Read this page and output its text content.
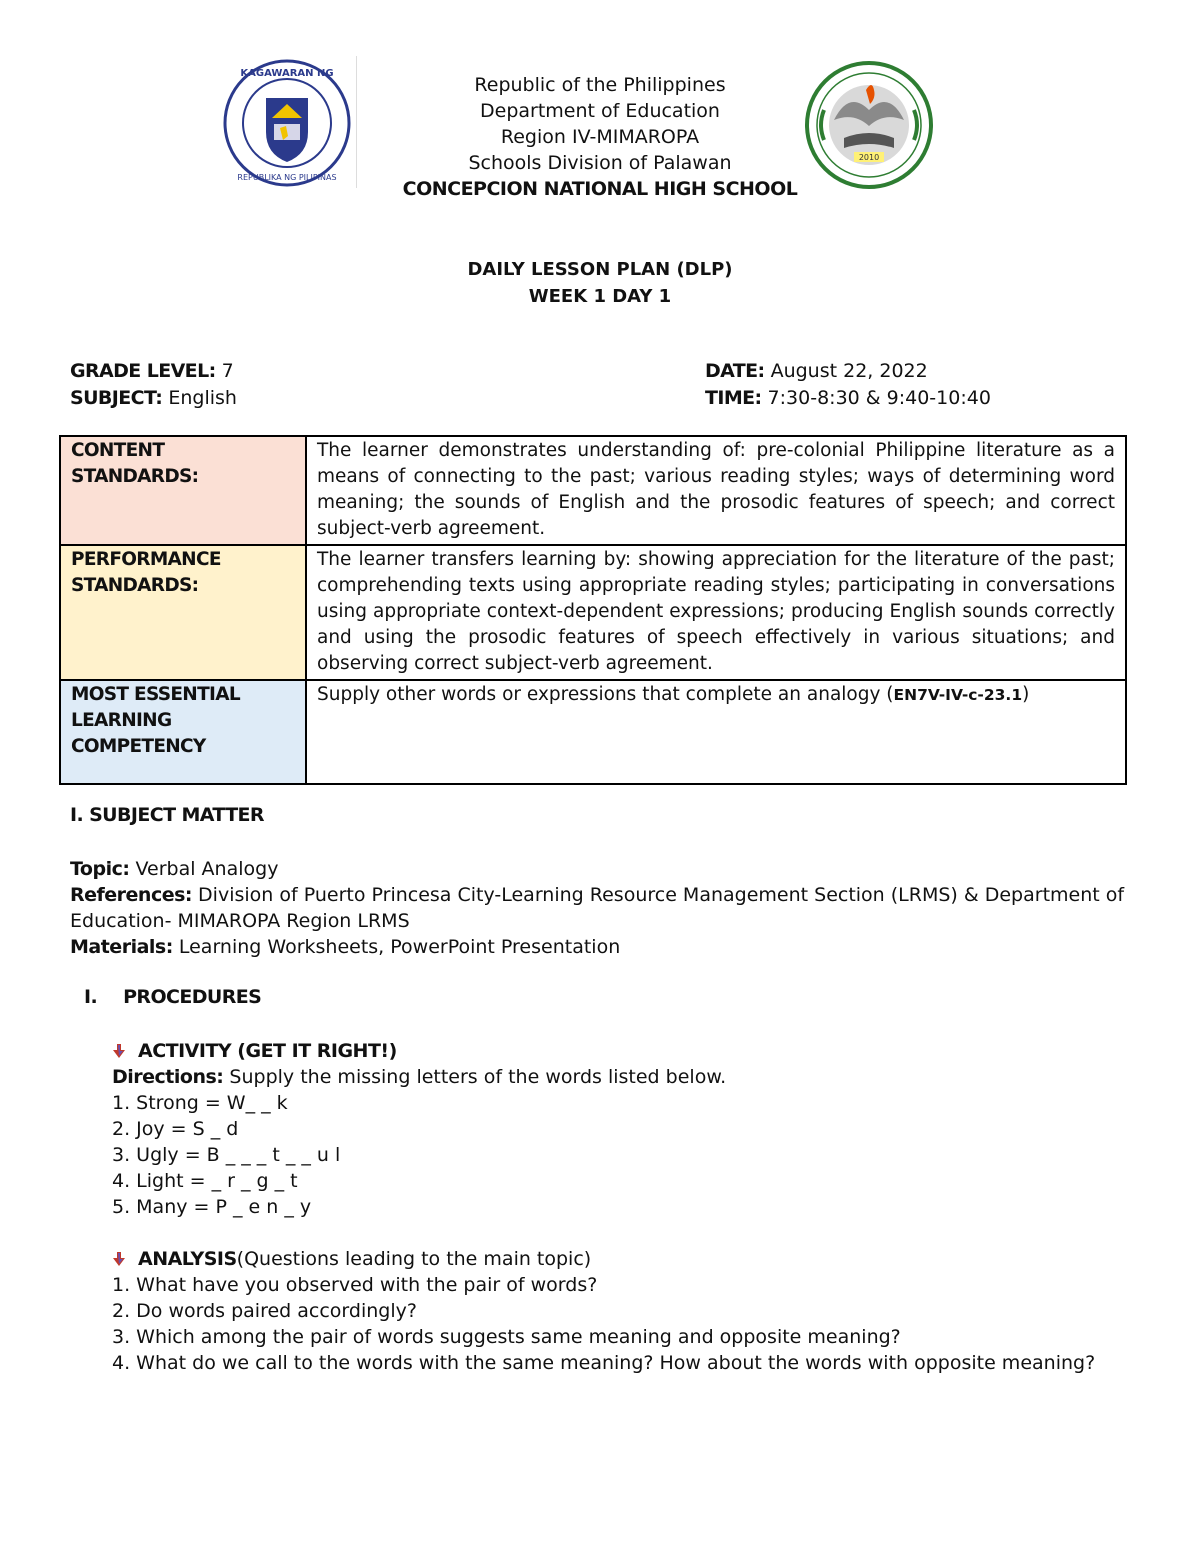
KAGAWARAN NG
REPUBLIKA NG PILIPINAS
Republic of the Philippines
Department of Education
Region IV-MIMAROPA
Schools Division of Palawan
CONCEPCION NATIONAL HIGH SCHOOL
2010
DAILY LESSON PLAN (DLP)
WEEK 1 DAY 1
GRADE LEVEL: 7
SUBJECT: English
DATE: August 22, 2022
TIME: 7:30-8:30 & 9:40-10:40
CONTENT STANDARDS:	The learner demonstrates understanding of: pre-colonial Philippine literature as a means of connecting to the past; various reading styles; ways of determining word meaning; the sounds of English and the prosodic features of speech; and correct subject-verb agreement.
PERFORMANCE STANDARDS:	The learner transfers learning by: showing appreciation for the literature of the past; comprehending texts using appropriate reading styles; participating in conversations using appropriate context-dependent expressions; producing English sounds correctly and using the prosodic features of speech effectively in various situations; and observing correct subject-verb agreement.
MOST ESSENTIAL LEARNING COMPETENCY	Supply other words or expressions that complete an analogy (EN7V-IV-c-23.1)
I. SUBJECT MATTER
Topic: Verbal Analogy
References: Division of Puerto Princesa City-Learning Resource Management Section (LRMS) & Department of Education- MIMAROPA Region LRMS
Materials: Learning Worksheets, PowerPoint Presentation
I. PROCEDURES
ACTIVITY (GET IT RIGHT!)
Directions: Supply the missing letters of the words listed below.
1. Strong = W_ _ k
2. Joy = S _ d
3. Ugly = B _ _ _ t _ _ u l
4. Light = _ r _ g _ t
5. Many = P _ e n _ y
ANALYSIS (Questions leading to the main topic)
1. What have you observed with the pair of words?
2. Do words paired accordingly?
3. Which among the pair of words suggests same meaning and opposite meaning?
4. What do we call to the words with the same meaning? How about the words with opposite meaning?
